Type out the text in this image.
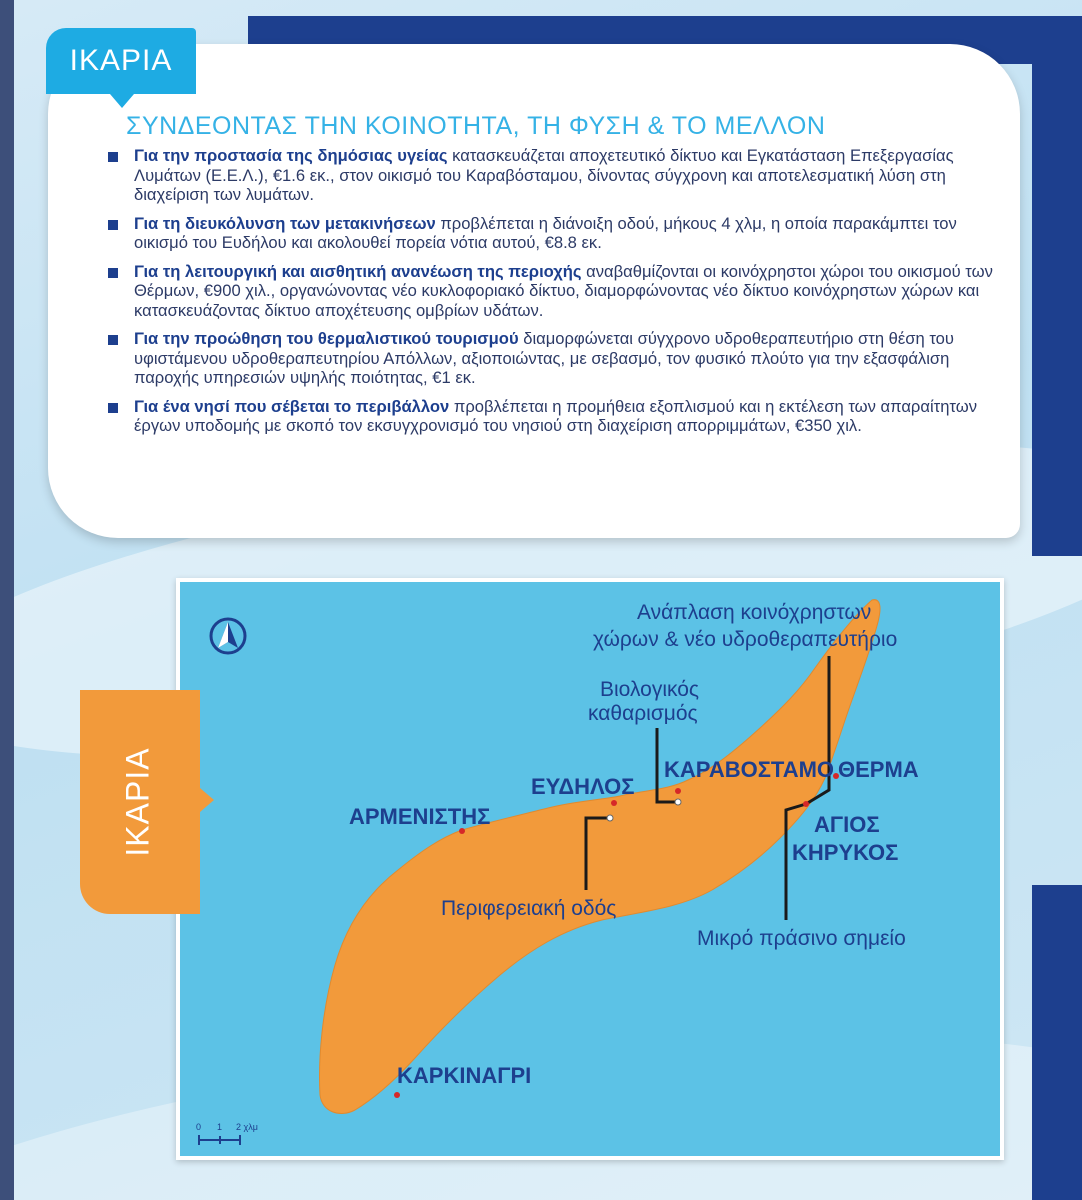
ΙΚΑΡΙΑ
ΣΥΝΔΕΟΝΤΑΣ ΤΗΝ ΚΟΙΝΟΤΗΤΑ, ΤΗ ΦΥΣΗ & ΤΟ ΜΕΛΛΟΝ
Για την προστασία της δημόσιας υγείας κατασκευάζεται αποχετευτικό δίκτυο και Εγκατάσταση Επεξεργασίας Λυμάτων (Ε.Ε.Λ.), €1.6 εκ., στον οικισμό του Καραβόσταμου, δίνοντας σύγχρονη και αποτελεσματική λύση στη διαχείριση των λυμάτων.
Για τη διευκόλυνση των μετακινήσεων προβλέπεται η διάνοιξη οδού, μήκους 4 χλμ, η οποία παρακάμπτει τον οικισμό του Ευδήλου και ακολουθεί πορεία νότια αυτού, €8.8 εκ.
Για τη λειτουργική και αισθητική ανανέωση της περιοχής αναβαθμίζονται οι κοινόχρηστοι χώροι του οικισμού των Θέρμων, €900 χιλ., οργανώνοντας νέο κυκλοφοριακό δίκτυο, διαμορφώνοντας νέο δίκτυο κοινόχρηστων χώρων και κατασκευάζοντας δίκτυο αποχέτευσης ομβρίων υδάτων.
Για την προώθηση του θερμαλιστικού τουρισμού διαμορφώνεται σύγχρονο υδροθεραπευτήριο στη θέση του υφιστάμενου υδροθεραπευτηρίου Απόλλων, αξιοποιώντας, με σεβασμό, τον φυσικό πλούτο για την εξασφάλιση παροχής υπηρεσιών υψηλής ποιότητας, €1 εκ.
Για ένα νησί που σέβεται το περιβάλλον προβλέπεται η προμήθεια εξοπλισμού και η εκτέλεση των απαραίτητων έργων υποδομής με σκοπό τον εκσυγχρονισμό του νησιού στη διαχείριση απορριμμάτων, €350 χιλ.
ΙΚΑΡΙΑ	ΑΡΜΕΝΙΣΤΗΣ
ΕΥΔΗΛΟΣ
ΚΑΡΑΒΟΣΤΑΜΟ ΘΕΡΜΑ
ΑΓΙΟΣ
ΚΗΡΥΚΟΣ
ΚΑΡΚΙΝΑΓΡΙ
Ανάπλαση κοινόχρηστων
χώρων & νέο υδροθεραπευτήριο
Βιολογικός
καθαρισμός
Περιφερειακή οδός
Μικρό πράσινο σημείο
0 1 2 χλμ
